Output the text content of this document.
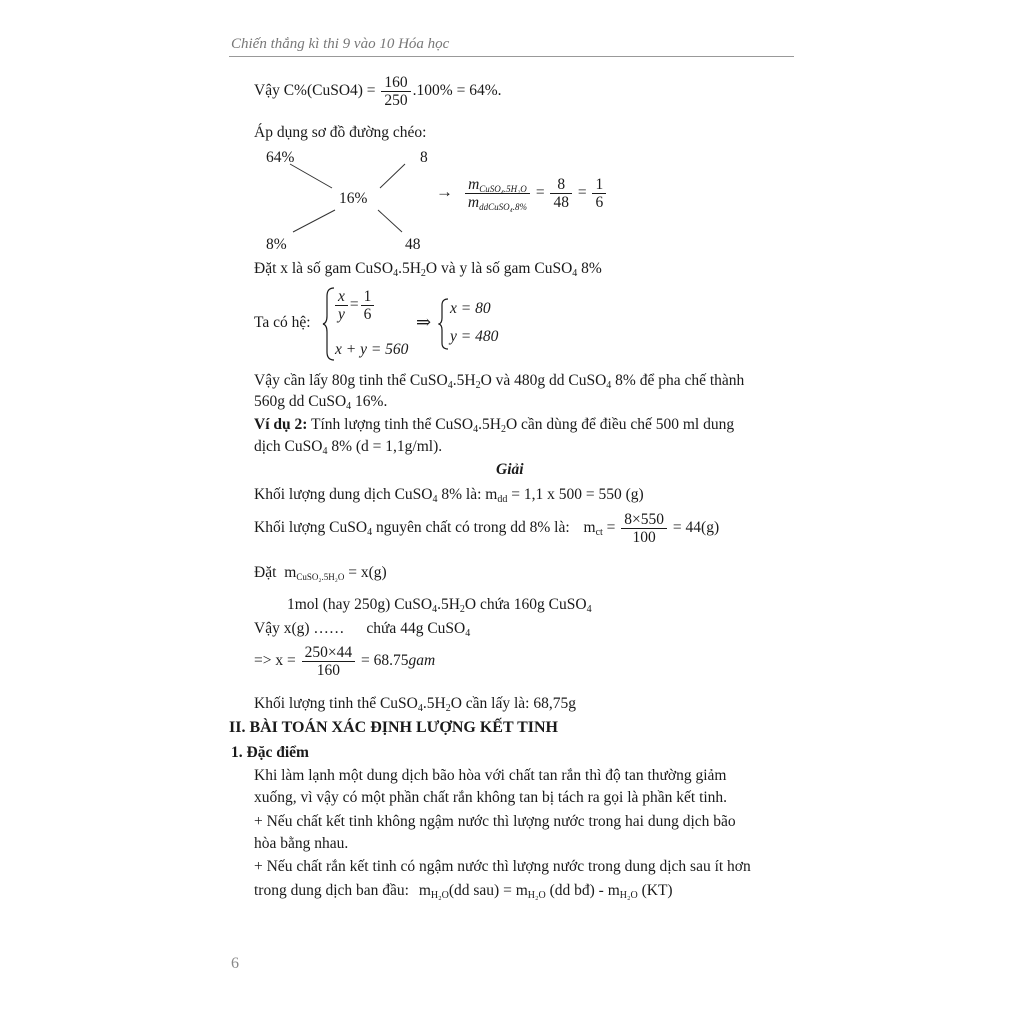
Chiến thắng kì thi 9 vào 10 Hóa học
Vậy C%(CuSO4) = $\frac{160}{250} .100\% = 64\%$.
Áp dụng sơ đồ đường chéo:
64%	8
16%
8%	48
→ $\frac{m_{CuSO_4.5H_2O}}{m_{ddCuSO_4.8\%}} = \frac{8}{48} = \frac{1}{6}$
Đặt x là số gam $CuSO_4.5H_2O$ và y là số gam CuSO$_4$ 8%
Ta có hệ: $\frac{x}{y} = \frac{1}{6}$
x + y = 560
⇒
x = 80
y = 480
Vậy cần lấy 80g tinh thể $CuSO_4.5H_2O$ và 480g dd CuSO$_4$ 8% để pha chế thành
560g dd CuSO$_4$ 16%.
Ví dụ 2: Tính lượng tinh thể $CuSO_4.5H_2O$ cần dùng để điều chế 500 ml dung
dịch CuSO$_4$ 8% (d = 1,1g/ml).
Giải
Khối lượng dung dịch CuSO$_4$ 8% là: $m_{dd} = 1,1$ x 500 = 550 (g)
Khối lượng CuSO$_4$ nguyên chất có trong dd 8% là: $m_{ct} = \frac{8\times 550}{100} = 44(g)$
Đặt $m_{CuSO_2.5H_2O} = x(g)$
1mol (hay 250g) $CuSO_4.5H_2O$ chứa 160g CuSO$_4$
Vậy x(g) …… chứa 44g CuSO$_4$
=> $x = \frac{250\times 44}{160} = 68.75gam$
Khối lượng tinh thể $CuSO_4.5H_2O$ cần lấy là: 68,75g
II. BÀI TOÁN XÁC ĐỊNH LƯỢNG KẾT TINH
1. Đặc điểm
Khi làm lạnh một dung dịch bão hòa với chất tan rắn thì độ tan thường giảm
xuống, vì vậy có một phần chất rắn không tan bị tách ra gọi là phần kết tinh.
+ Nếu chất kết tinh không ngậm nước thì lượng nước trong hai dung dịch bão
hòa bằng nhau.
+ Nếu chất rắn kết tinh có ngậm nước thì lượng nước trong dung dịch sau ít hơn
trong dung dịch ban đầu: $m_{H_2O}(dd$ $sau) = m_{H_2O}$ (dd bđ) - $m_{H_2O}$ (KT)
6
